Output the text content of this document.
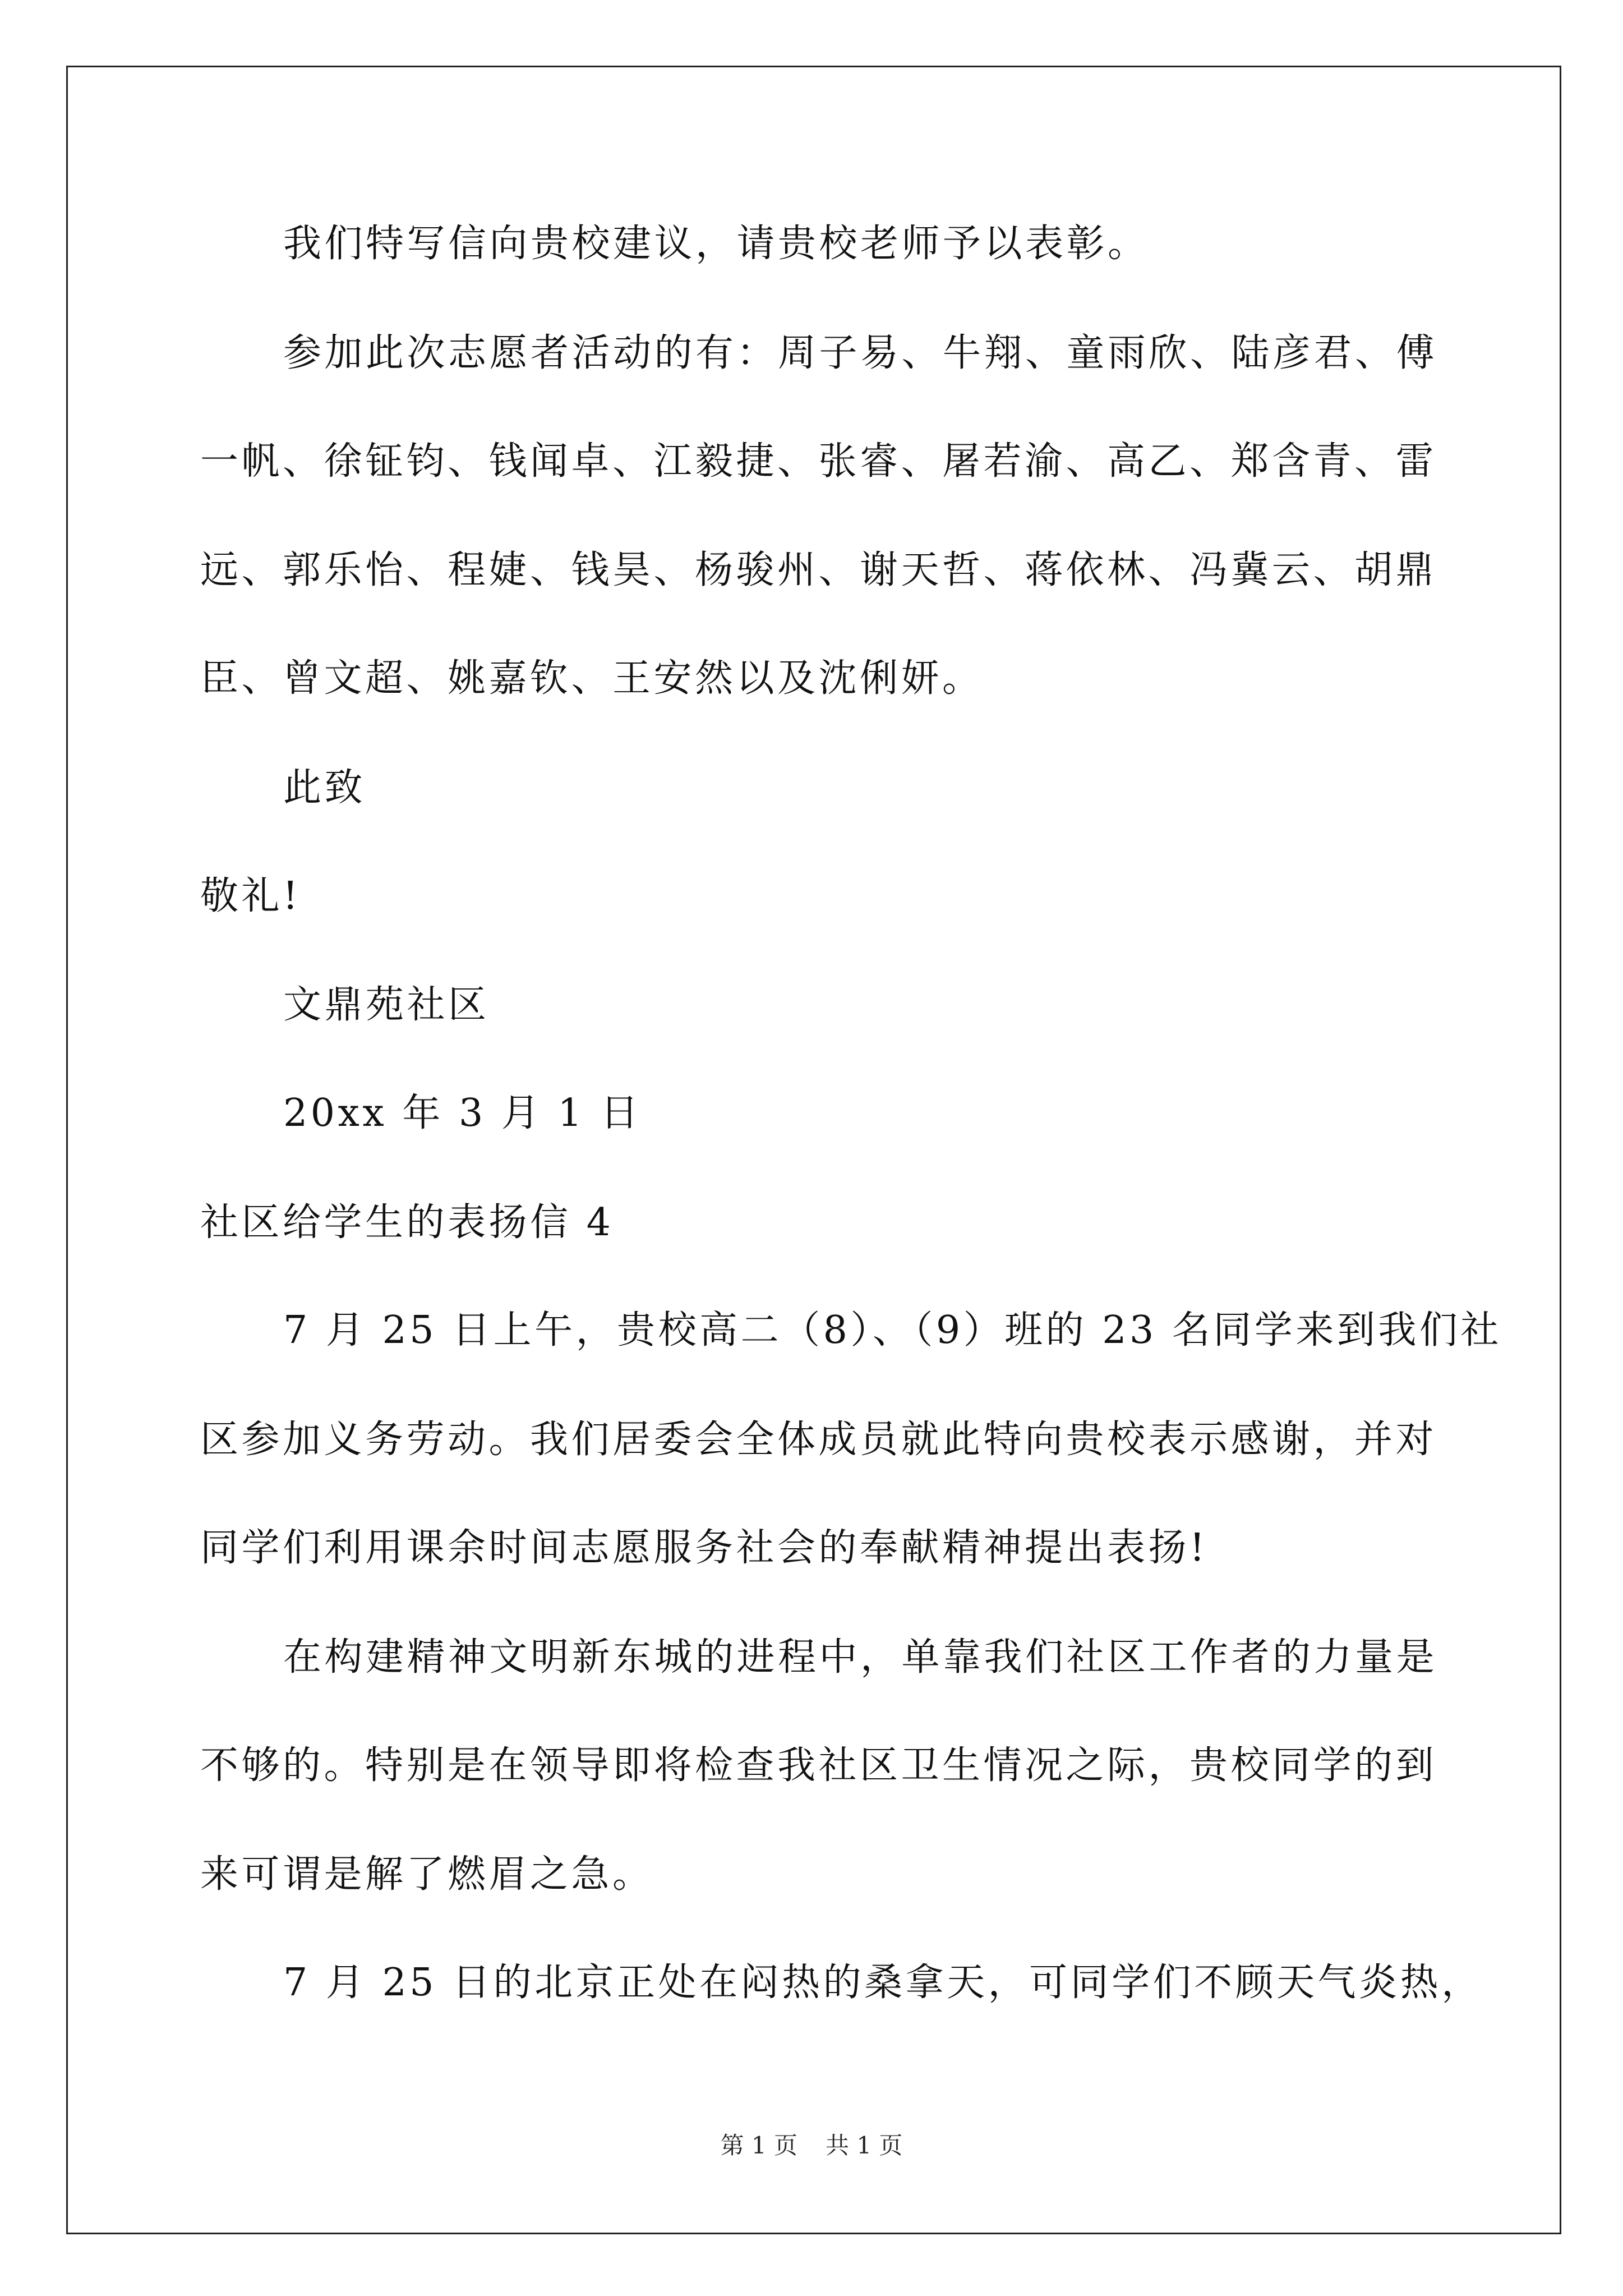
我们特写信向贵校建议，请贵校老师予以表彰。
参加此次志愿者活动的有：周子易、牛翔、童雨欣、陆彦君、傅
一帆、徐钲钧、钱闻卓、江毅捷、张睿、屠若渝、高乙、郑含青、雷
远、郭乐怡、程婕、钱昊、杨骏州、谢天哲、蒋依林、冯冀云、胡鼎
臣、曾文超、姚嘉钦、王安然以及沈俐妍。
此致
敬礼!
文鼎苑社区
20xx 年 3 月 1 日
社区给学生的表扬信 4
7 月 25 日上午，贵校高二（8）、（9）班的 23 名同学来到我们社
区参加义务劳动。我们居委会全体成员就此特向贵校表示感谢，并对
同学们利用课余时间志愿服务社会的奉献精神提出表扬!
在构建精神文明新东城的进程中，单靠我们社区工作者的力量是
不够的。特别是在领导即将检查我社区卫生情况之际，贵校同学的到
来可谓是解了燃眉之急。
7 月 25 日的北京正处在闷热的桑拿天，可同学们不顾天气炎热，
第 1 页 共 1 页
